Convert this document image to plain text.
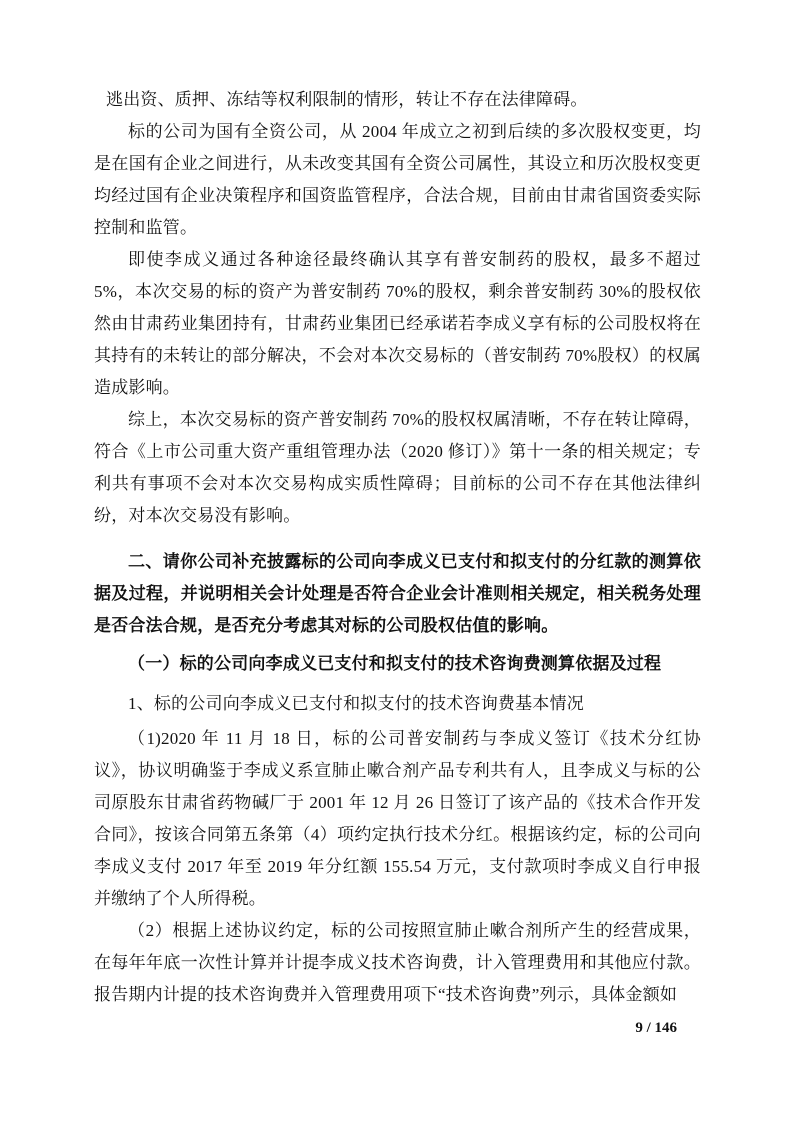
逃出资、质押、冻结等权利限制的情形，转让不存在法律障碍。

标的公司为国有全资公司，从 2004 年成立之初到后续的多次股权变更，均是在国有企业之间进行，从未改变其国有全资公司属性，其设立和历次股权变更均经过国有企业决策程序和国资监管程序，合法合规，目前由甘肃省国资委实际控制和监管。

即使李成义通过各种途径最终确认其享有普安制药的股权，最多不超过 5%，本次交易的标的资产为普安制药 70%的股权，剩余普安制药 30%的股权依然由甘肃药业集团持有，甘肃药业集团已经承诺若李成义享有标的公司股权将在其持有的未转让的部分解决，不会对本次交易标的（普安制药 70%股权）的权属造成影响。

综上，本次交易标的资产普安制药 70%的股权权属清晰，不存在转让障碍，符合《上市公司重大资产重组管理办法（2020 修订）》第十一条的相关规定；专利共有事项不会对本次交易构成实质性障碍；目前标的公司不存在其他法律纠纷，对本次交易没有影响。

二、请你公司补充披露标的公司向李成义已支付和拟支付的分红款的测算依据及过程，并说明相关会计处理是否符合企业会计准则相关规定，相关税务处理是否合法合规，是否充分考虑其对标的公司股权估值的影响。

（一）标的公司向李成义已支付和拟支付的技术咨询费测算依据及过程

1、标的公司向李成义已支付和拟支付的技术咨询费基本情况

（1)2020 年 11 月 18 日，标的公司普安制药与李成义签订《技术分红协议》，协议明确鉴于李成义系宣肺止嗽合剂产品专利共有人，且李成义与标的公司原股东甘肃省药物碱厂于 2001 年 12 月 26 日签订了该产品的《技术合作开发合同》，按该合同第五条第（4）项约定执行技术分红。根据该约定，标的公司向李成义支付 2017 年至 2019 年分红额 155.54 万元，支付款项时李成义自行申报并缴纳了个人所得税。

（2）根据上述协议约定，标的公司按照宣肺止嗽合剂所产生的经营成果，在每年年底一次性计算并计提李成义技术咨询费，计入管理费用和其他应付款。报告期内计提的技术咨询费并入管理费用项下“技术咨询费”列示，具体金额如

9 / 146
